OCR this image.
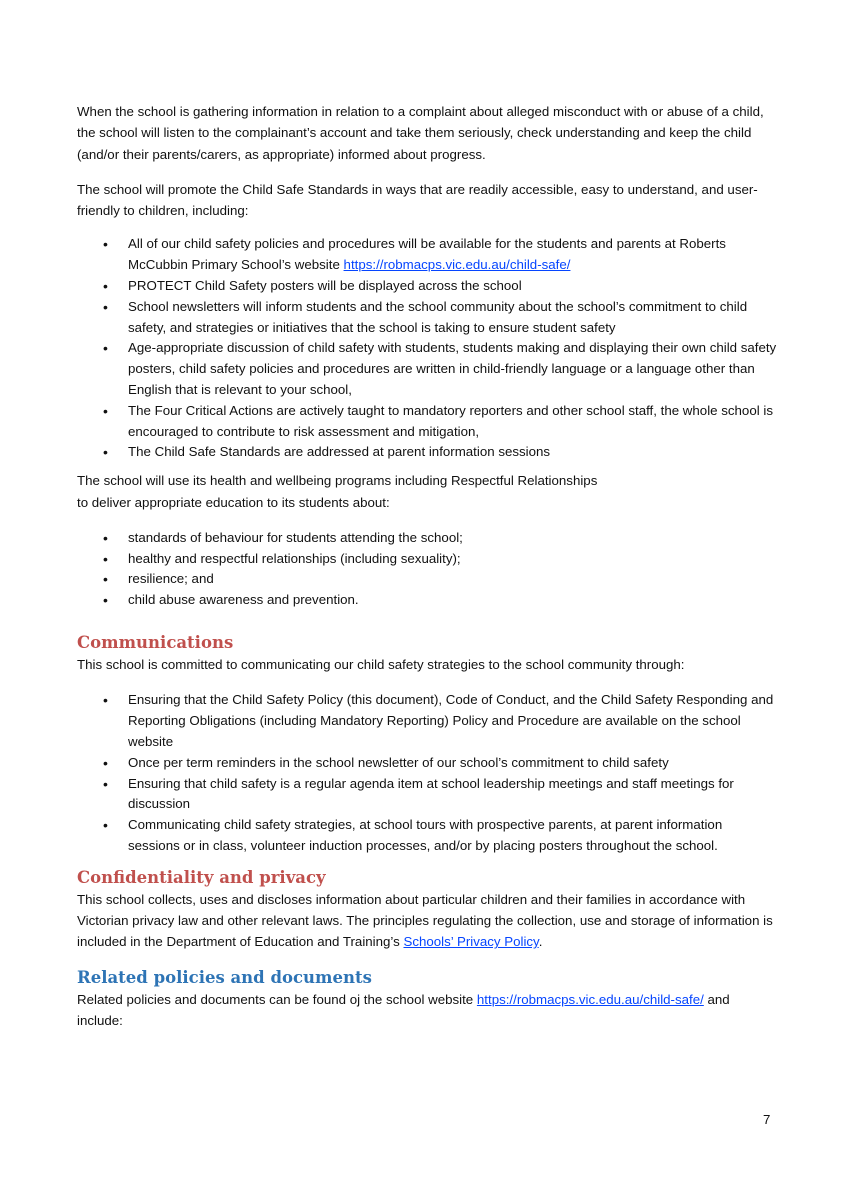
When the school is gathering information in relation to a complaint about alleged misconduct with or abuse of a child, the school will listen to the complainant’s account and take them seriously, check understanding and keep the child (and/or their parents/carers, as appropriate) informed about progress.

The school will promote the Child Safe Standards in ways that are readily accessible, easy to understand, and user-friendly to children, including:

• All of our child safety policies and procedures will be available for the students and parents at Roberts McCubbin Primary School’s website https://robmacps.vic.edu.au/child-safe/
• PROTECT Child Safety posters will be displayed across the school
• School newsletters will inform students and the school community about the school’s commitment to child safety, and strategies or initiatives that the school is taking to ensure student safety
• Age-appropriate discussion of child safety with students, students making and displaying their own child safety posters, child safety policies and procedures are written in child-friendly language or a language other than English that is relevant to your school,
• The Four Critical Actions are actively taught to mandatory reporters and other school staff, the whole school is encouraged to contribute to risk assessment and mitigation,
• The Child Safe Standards are addressed at parent information sessions

The school will use its health and wellbeing programs including Respectful Relationships
to deliver appropriate education to its students about:

• standards of behaviour for students attending the school;
• healthy and respectful relationships (including sexuality);
• resilience; and
• child abuse awareness and prevention.
Communications

This school is committed to communicating our child safety strategies to the school community through:

• Ensuring that the Child Safety Policy (this document), Code of Conduct, and the Child Safety Responding and Reporting Obligations (including Mandatory Reporting) Policy and Procedure are available on the school website
• Once per term reminders in the school newsletter of our school’s commitment to child safety
• Ensuring that child safety is a regular agenda item at school leadership meetings and staff meetings for discussion
• Communicating child safety strategies, at school tours with prospective parents, at parent information sessions or in class, volunteer induction processes, and/or by placing posters throughout the school.
Confidentiality and privacy

This school collects, uses and discloses information about particular children and their families in accordance with Victorian privacy law and other relevant laws. The principles regulating the collection, use and storage of information is included in the Department of Education and Training’s Schools’ Privacy Policy.

Related policies and documents

Related policies and documents can be found oj the school website https://robmacps.vic.edu.au/child-safe/ and include:

7
